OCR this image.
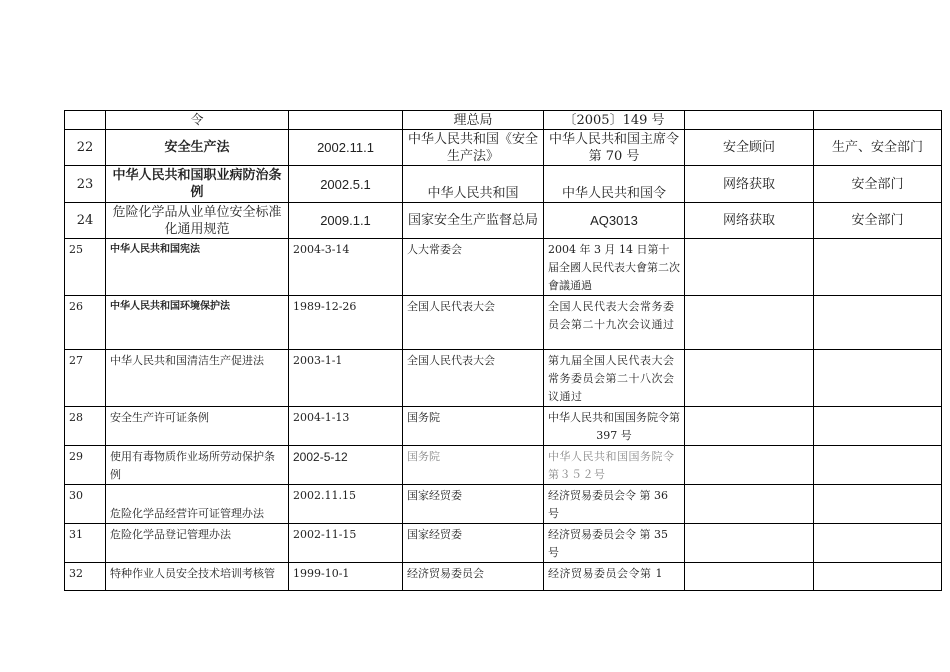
	令		理总局	〔2005〕149 号		
22	安全生产法	2002.11.1	中华人民共和国《安全生产法》	中华人民共和国主席令第 70 号	安全顾问	生产、安全部门
23	中华人民共和国职业病防治条例	2002.5.1	中华人民共和国	中华人民共和国令	网络获取	安全部门
24	危险化学品从业单位安全标准化通用规范	2009.1.1	国家安全生产监督总局	AQ3013	网络获取	安全部门
25	中华人民共和国宪法	2004-3-14	人大常委会	2004 年 3 月 14 日第十届全國人民代表大會第二次會議通過		
26	中华人民共和国环境保护法	1989-12-26	全国人民代表大会	全国人民代表大会常务委员会第二十九次会议通过		
27	中华人民共和国清洁生产促进法	2003-1-1	全国人民代表大会	第九届全国人民代表大会常务委员会第二十八次会议通过		
28	安全生产许可证条例	2004-1-13	国务院	中华人民共和国国务院令第 397 号		
29	使用有毒物质作业场所劳动保护条例	2002-5-12	国务院	中华人民共和国国务院令 第３５２号		
30	危险化学品经营许可证管理办法	2002.11.15	国家经贸委	经济贸易委员会令 第 36 号		
31	危险化学品登记管理办法	2002-11-15	国家经贸委	经济贸易委员会令 第 35 号		
32	特种作业人员安全技术培训考核管	1999-10-1	经济贸易委员会	经济贸易委员会令第 1		
